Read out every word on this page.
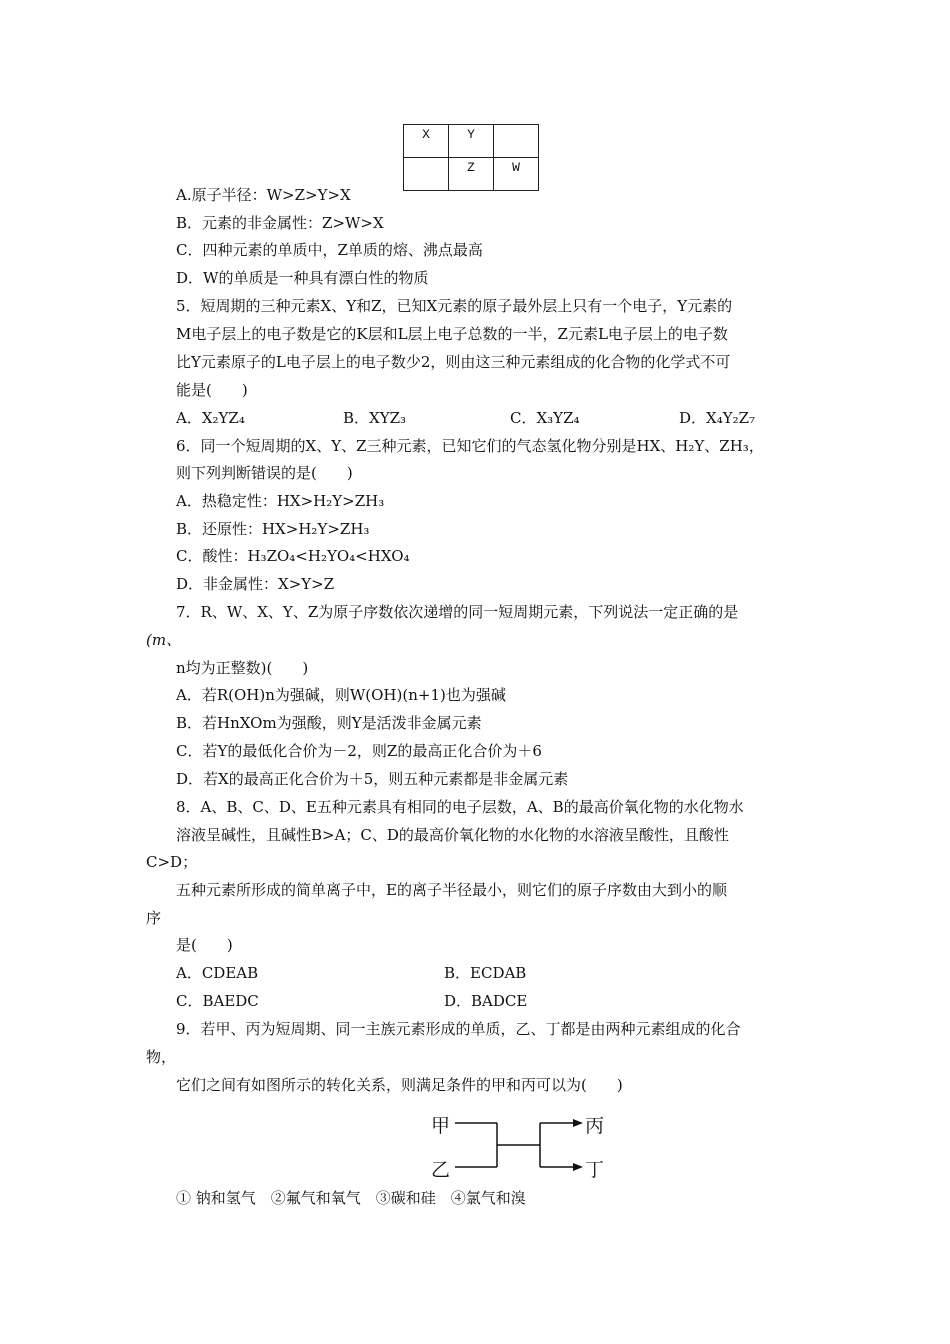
X	Y	
	Z	W
A.原子半径：W>Z>Y>X
B．元素的非金属性：Z>W>X
C．四种元素的单质中，Z单质的熔、沸点最高
D．W的单质是一种具有漂白性的物质
5．短周期的三种元素X、Y和Z，已知X元素的原子最外层上只有一个电子，Y元素的
M电子层上的电子数是它的K层和L层上电子总数的一半，Z元素L电子层上的电子数
比Y元素原子的L电子层上的电子数少2，则由这三种元素组成的化合物的化学式不可
能是(　　)
A．X₂YZ₄	B．XYZ₃	C．X₃YZ₄	D．X₄Y₂Z₇
6．同一个短周期的X、Y、Z三种元素，已知它们的气态氢化物分别是HX、H₂Y、ZH₃，
则下列判断错误的是(　　)
A．热稳定性：HX>H₂Y>ZH₃
B．还原性：HX>H₂Y>ZH₃
C．酸性：H₃ZO₄<H₂YO₄<HXO₄
D．非金属性：X>Y>Z
7．R、W、X、Y、Z为原子序数依次递增的同一短周期元素，下列说法一定正确的是
(m、
n均为正整数)(　　)
A．若R(OH)n为强碱，则W(OH)(n+1)也为强碱
B．若HnXOm为强酸，则Y是活泼非金属元素
C．若Y的最低化合价为－2，则Z的最高正化合价为＋6
D．若X的最高正化合价为＋5，则五种元素都是非金属元素
8．A、B、C、D、E五种元素具有相同的电子层数，A、B的最高价氧化物的水化物水
溶液呈碱性，且碱性B>A；C、D的最高价氧化物的水化物的水溶液呈酸性，且酸性
C>D；
五种元素所形成的简单离子中，E的离子半径最小，则它们的原子序数由大到小的顺
序
是(　　)
A．CDEAB	B．ECDAB
C．BAEDC	D．BADCE
9．若甲、丙为短周期、同一主族元素形成的单质，乙、丁都是由两种元素组成的化合
物，
它们之间有如图所示的转化关系，则满足条件的甲和丙可以为(　　)
甲
乙
丙
丁
① 钠和氢气　②氟气和氧气　③碳和硅　④氯气和溴
